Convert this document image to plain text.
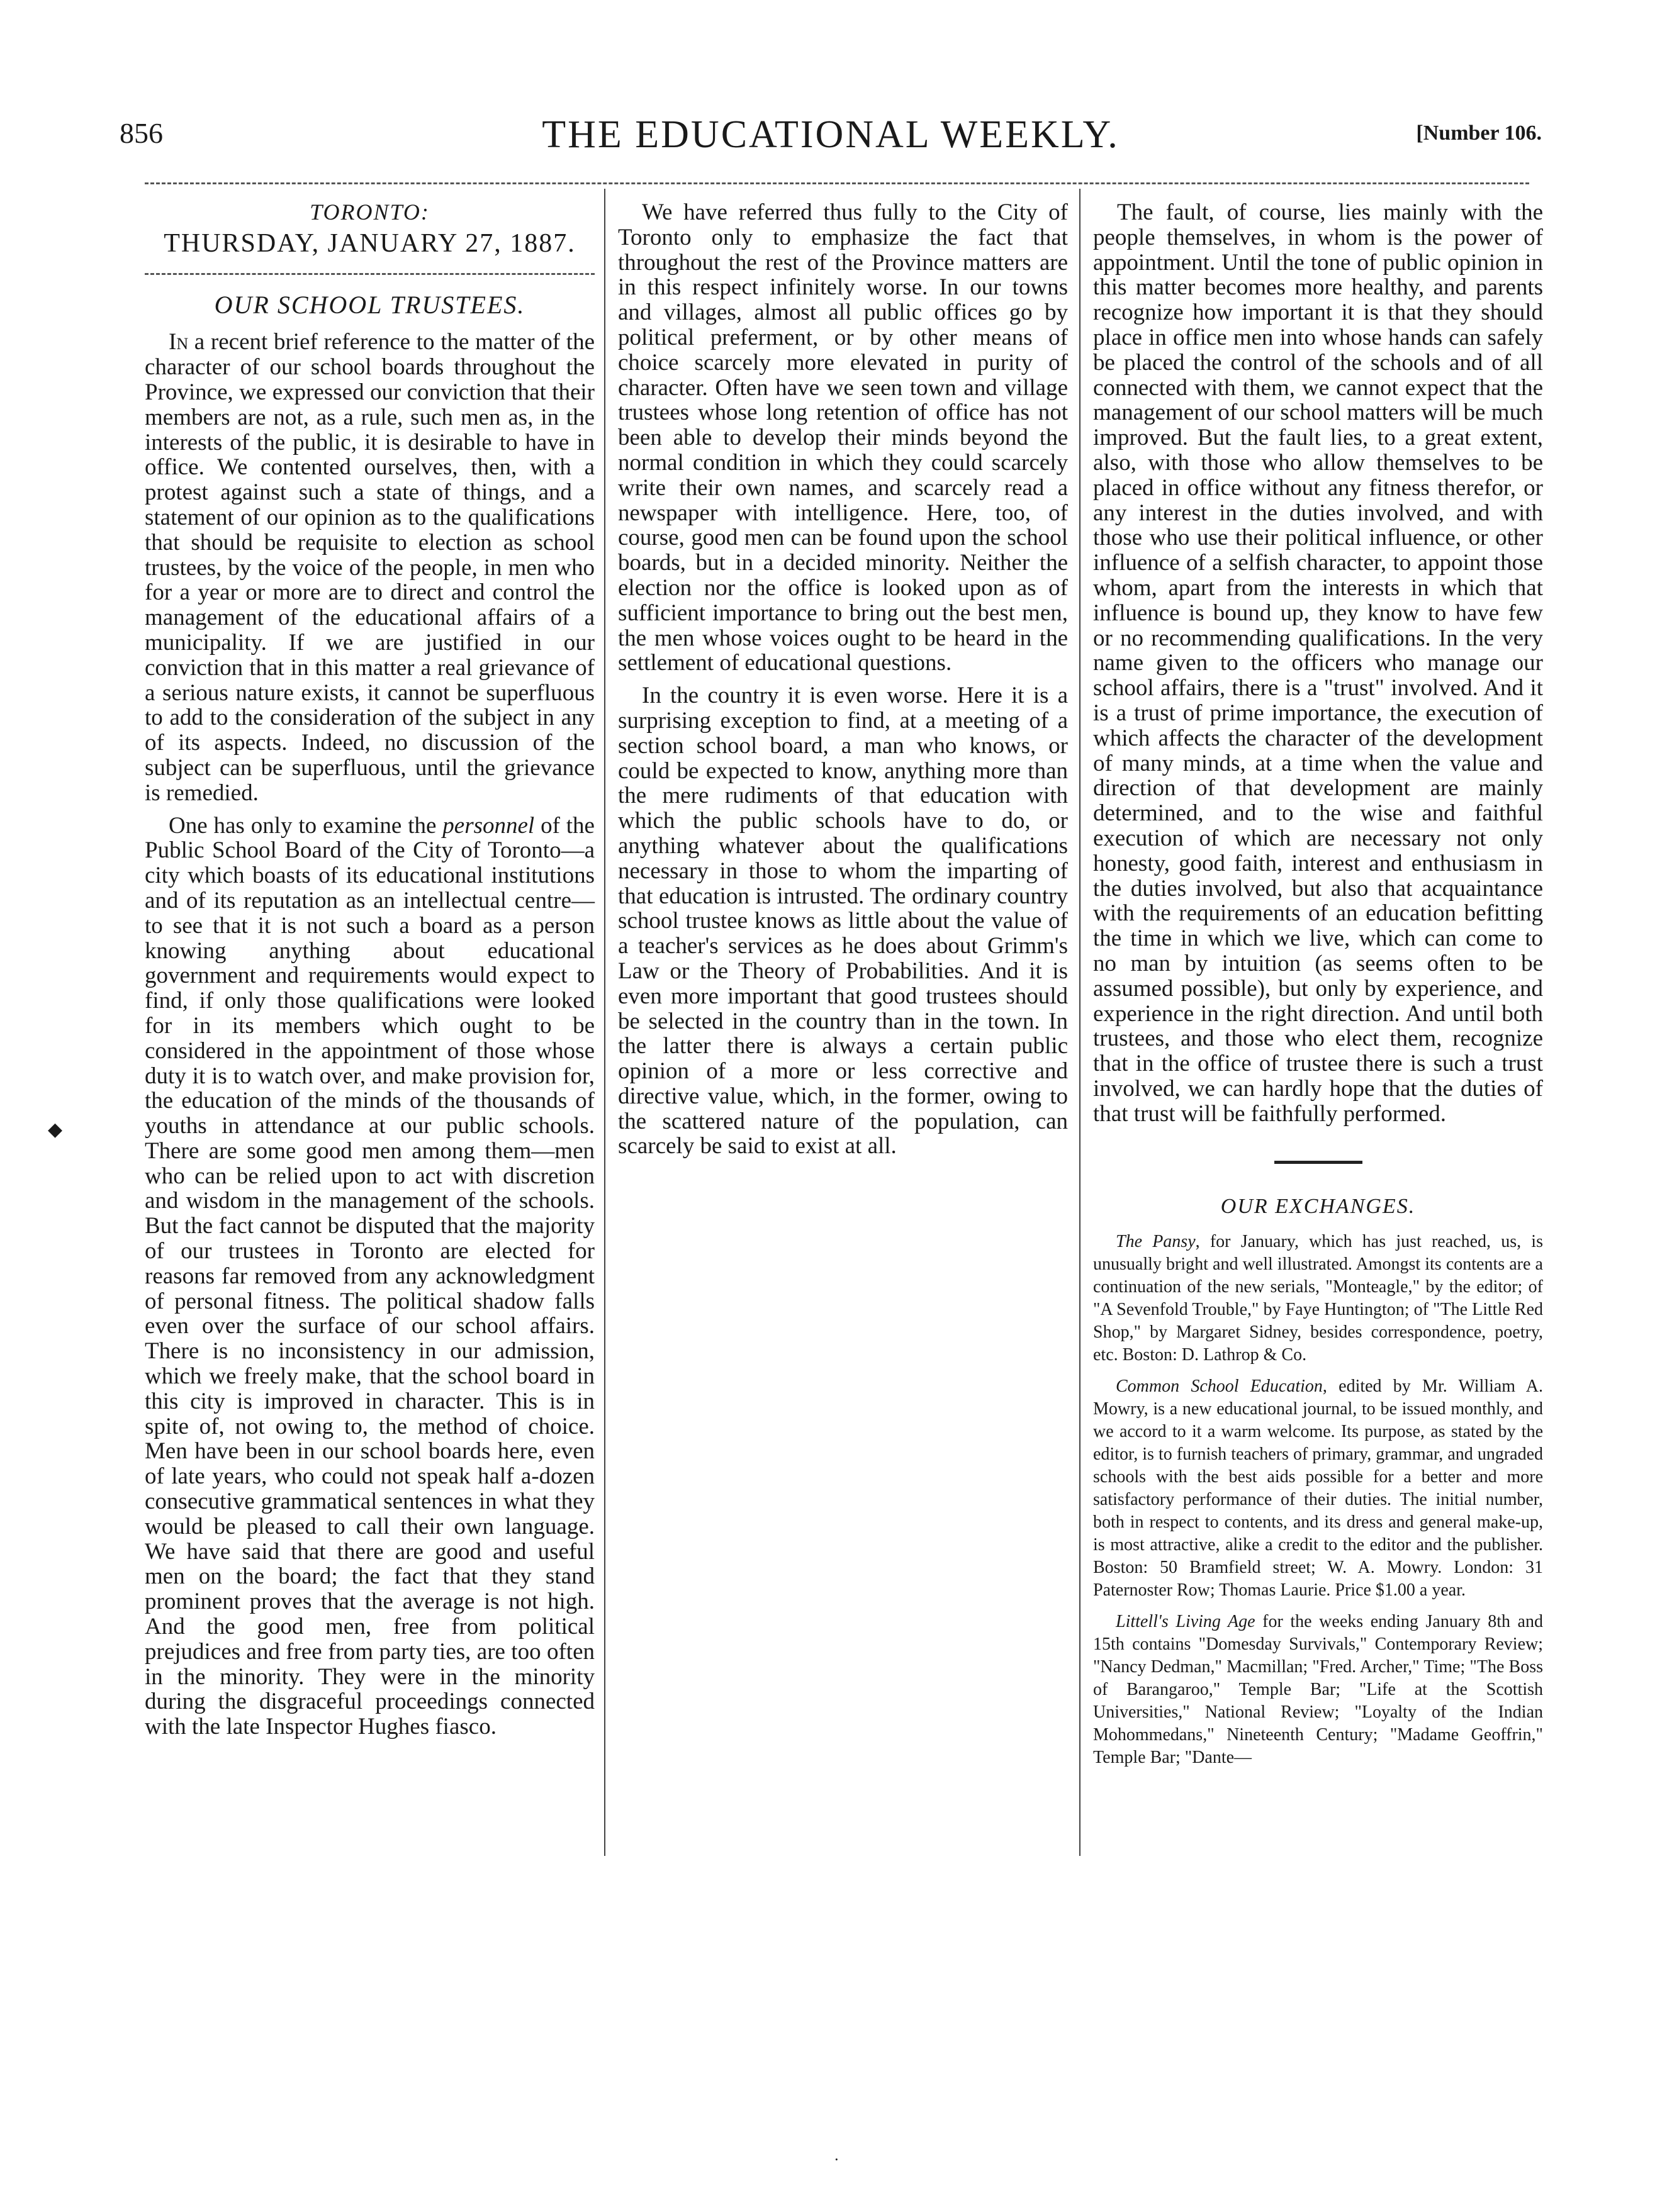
856	THE EDUCATIONAL WEEKLY.	[Number 106.
◆
TORONTO:
THURSDAY, JANUARY 27, 1887.
OUR SCHOOL TRUSTEES.

In a recent brief reference to the matter of the character of our school boards throughout the Province, we expressed our conviction that their members are not, as a rule, such men as, in the interests of the public, it is desirable to have in office. We contented ourselves, then, with a protest against such a state of things, and a statement of our opinion as to the qualifications that should be requisite to election as school trustees, by the voice of the people, in men who for a year or more are to direct and control the management of the educational affairs of a municipality. If we are justified in our conviction that in this matter a real grievance of a serious nature exists, it cannot be superfluous to add to the consideration of the subject in any of its aspects. Indeed, no discussion of the subject can be superfluous, until the grievance is remedied.

One has only to examine the personnel of the Public School Board of the City of Toronto—a city which boasts of its educational institutions and of its reputation as an intellectual centre—to see that it is not such a board as a person knowing anything about educational government and requirements would expect to find, if only those qualifications were looked for in its members which ought to be considered in the appointment of those whose duty it is to watch over, and make provision for, the education of the minds of the thousands of youths in attendance at our public schools. There are some good men among them—men who can be relied upon to act with discretion and wisdom in the management of the schools. But the fact cannot be disputed that the majority of our trustees in Toronto are elected for reasons far removed from any acknowledgment of personal fitness. The political shadow falls even over the surface of our school affairs. There is no inconsistency in our admission, which we freely make, that the school board in this city is improved in character. This is in spite of, not owing to, the method of choice. Men have been in our school boards here, even of late years, who could not speak half a-dozen consecutive grammatical sentences in what they would be pleased to call their own language. We have said that there are good and useful men on the board; the fact that they stand prominent proves that the average is not high. And the good men, free from political prejudices and free from party ties, are too often in the minority. They were in the minority during the disgraceful proceedings connected with the late Inspector Hughes fiasco.

We have referred thus fully to the City of Toronto only to emphasize the fact that throughout the rest of the Province matters are in this respect infinitely worse. In our towns and villages, almost all public offices go by political preferment, or by other means of choice scarcely more elevated in purity of character. Often have we seen town and village trustees whose long retention of office has not been able to develop their minds beyond the normal condition in which they could scarcely write their own names, and scarcely read a newspaper with intelligence. Here, too, of course, good men can be found upon the school boards, but in a decided minority. Neither the election nor the office is looked upon as of sufficient importance to bring out the best men, the men whose voices ought to be heard in the settlement of educational questions.

In the country it is even worse. Here it is a surprising exception to find, at a meeting of a section school board, a man who knows, or could be expected to know, anything more than the mere rudiments of that education with which the public schools have to do, or anything whatever about the qualifications necessary in those to whom the imparting of that education is intrusted. The ordinary country school trustee knows as little about the value of a teacher's services as he does about Grimm's Law or the Theory of Probabilities. And it is even more important that good trustees should be selected in the country than in the town. In the latter there is always a certain public opinion of a more or less corrective and directive value, which, in the former, owing to the scattered nature of the population, can scarcely be said to exist at all.

The fault, of course, lies mainly with the people themselves, in whom is the power of appointment. Until the tone of public opinion in this matter becomes more healthy, and parents recognize how important it is that they should place in office men into whose hands can safely be placed the control of the schools and of all connected with them, we cannot expect that the management of our school matters will be much improved. But the fault lies, to a great extent, also, with those who allow themselves to be placed in office without any fitness therefor, or any interest in the duties involved, and with those who use their political influence, or other influence of a selfish character, to appoint those whom, apart from the interests in which that influence is bound up, they know to have few or no recommending qualifications. In the very name given to the officers who manage our school affairs, there is a "trust" involved. And it is a trust of prime importance, the execution of which affects the character of the development of many minds, at a time when the value and direction of that development are mainly determined, and to the wise and faithful execution of which are necessary not only honesty, good faith, interest and enthusiasm in the duties involved, but also that acquaintance with the requirements of an education befitting the time in which we live, which can come to no man by intuition (as seems often to be assumed possible), but only by experience, and experience in the right direction. And until both trustees, and those who elect them, recognize that in the office of trustee there is such a trust involved, we can hardly hope that the duties of that trust will be faithfully performed.

OUR EXCHANGES.

The Pansy, for January, which has just reached, us, is unusually bright and well illustrated. Amongst its contents are a continuation of the new serials, "Monteagle," by the editor; of "A Sevenfold Trouble," by Faye Huntington; of "The Little Red Shop," by Margaret Sidney, besides correspondence, poetry, etc. Boston: D. Lathrop & Co.

Common School Education, edited by Mr. William A. Mowry, is a new educational journal, to be issued monthly, and we accord to it a warm welcome. Its purpose, as stated by the editor, is to furnish teachers of primary, grammar, and ungraded schools with the best aids possible for a better and more satisfactory performance of their duties. The initial number, both in respect to contents, and its dress and general make-up, is most attractive, alike a credit to the editor and the publisher. Boston: 50 Bramfield street; W. A. Mowry. London: 31 Paternoster Row; Thomas Laurie. Price $1.00 a year.

Littell's Living Age for the weeks ending January 8th and 15th contains "Domesday Survivals," Contemporary Review; "Nancy Dedman," Macmillan; "Fred. Archer," Time; "The Boss of Barangaroo," Temple Bar; "Life at the Scottish Universities," National Review; "Loyalty of the Indian Mohommedans," Nineteenth Century; "Madame Geoffrin," Temple Bar; "Dante—

·
